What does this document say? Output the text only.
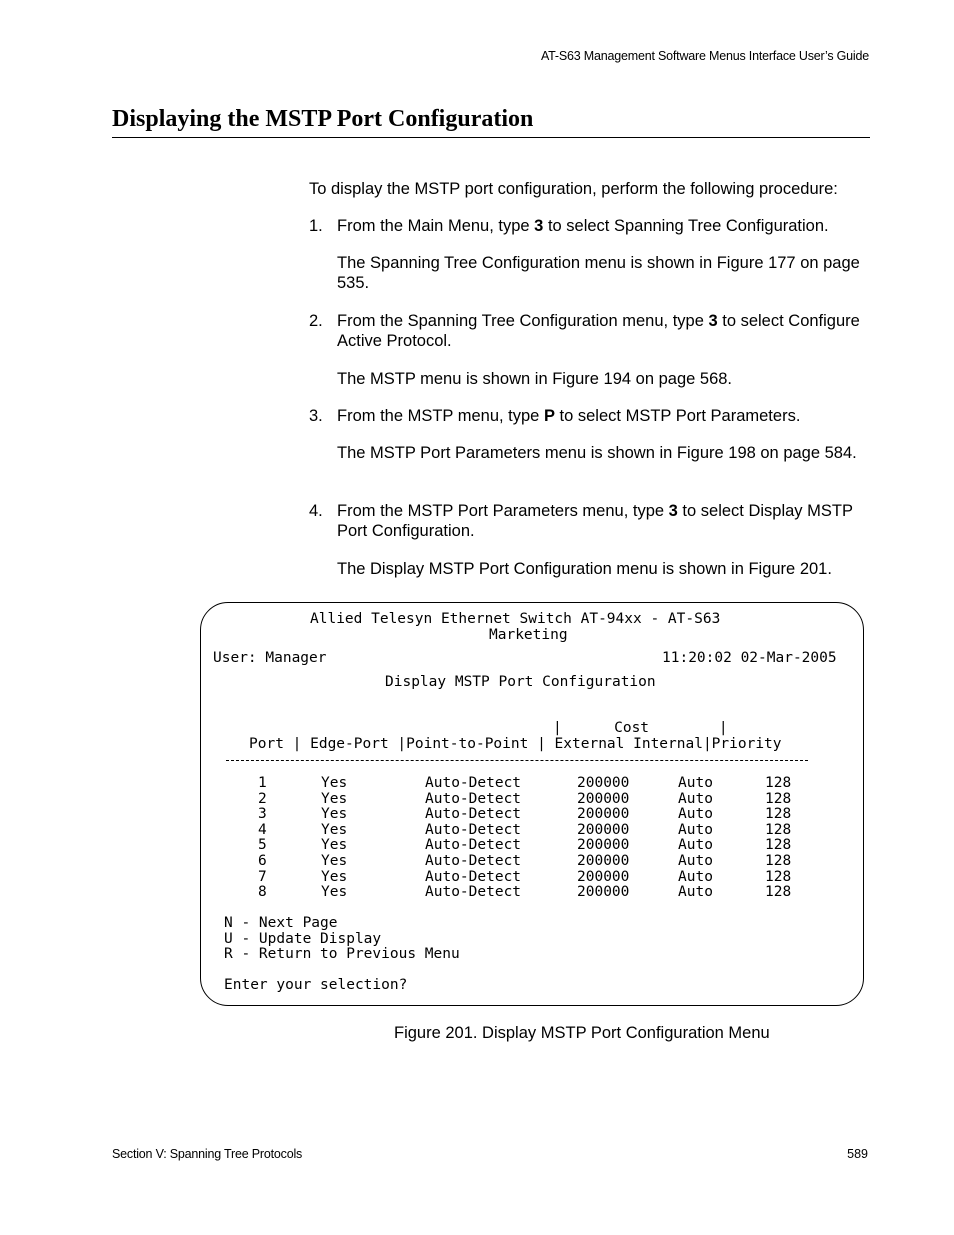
AT-S63 Management Software Menus Interface User’s Guide
Displaying the MSTP Port Configuration
To display the MSTP port configuration, perform the following procedure:
1. From the Main Menu, type 3 to select Spanning Tree Configuration.
The Spanning Tree Configuration menu is shown in Figure 177 on page 535.
2. From the Spanning Tree Configuration menu, type 3 to select Configure Active Protocol.
The MSTP menu is shown in Figure 194 on page 568.
3. From the MSTP menu, type P to select MSTP Port Parameters.
The MSTP Port Parameters menu is shown in Figure 198 on page 584.
4. From the MSTP Port Parameters menu, type 3 to select Display MSTP Port Configuration.
The Display MSTP Port Configuration menu is shown in Figure 201.
Allied Telesyn Ethernet Switch AT-94xx - AT-S63
Marketing
User: Manager	11:20:02 02-Mar-2005
Display MSTP Port Configuration
|      Cost        |
Port | Edge-Port |Point-to-Point | External Internal|Priority
1	Yes	Auto-Detect	200000	Auto	128
2	Yes	Auto-Detect	200000	Auto	128
3	Yes	Auto-Detect	200000	Auto	128
4	Yes	Auto-Detect	200000	Auto	128
5	Yes	Auto-Detect	200000	Auto	128
6	Yes	Auto-Detect	200000	Auto	128
7	Yes	Auto-Detect	200000	Auto	128
8	Yes	Auto-Detect	200000	Auto	128
N - Next Page
U - Update Display
R - Return to Previous Menu
Enter your selection?
Figure 201. Display MSTP Port Configuration Menu
Section V: Spanning Tree Protocols	589
